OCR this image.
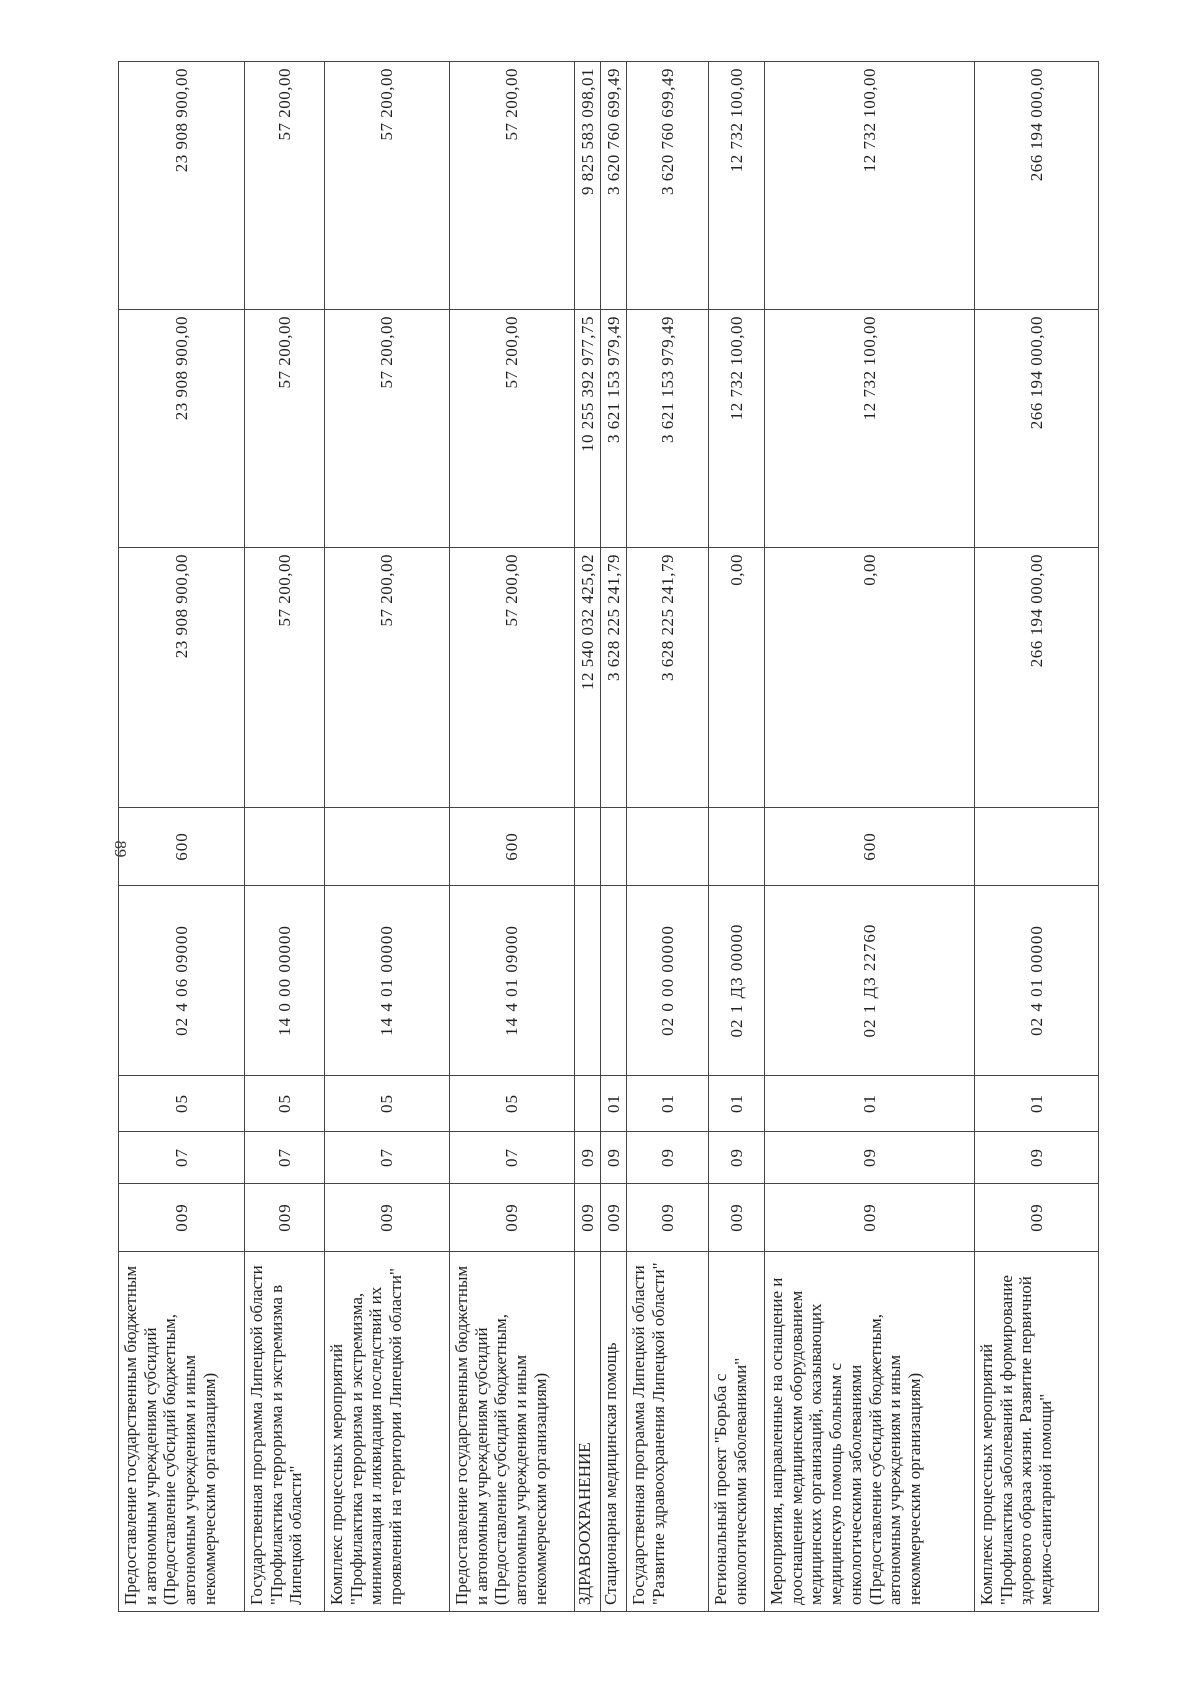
89
Предоставление государственным бюджетным и автономным учреждениям субсидий (Предоставление субсидий бюджетным, автономным учреждениям и иным некоммерческим организациям)	009	07	05	02 4 06 09000	600	23 908 900,00	23 908 900,00	23 908 900,00
Государственная программа Липецкой области "Профилактика терроризма и экстремизма в Липецкой области"	009	07	05	14 0 00 00000		57 200,00	57 200,00	57 200,00
Комплекс процессных мероприятий "Профилактика терроризма и экстремизма, минимизация и ликвидация последствий их проявлений на территории Липецкой области"	009	07	05	14 4 01 00000		57 200,00	57 200,00	57 200,00
Предоставление государственным бюджетным и автономным учреждениям субсидий (Предоставление субсидий бюджетным, автономным учреждениям и иным некоммерческим организациям)	009	07	05	14 4 01 09000	600	57 200,00	57 200,00	57 200,00
ЗДРАВООХРАНЕНИЕ	009	09				12 540 032 425,02	10 255 392 977,75	9 825 583 098,01
Стационарная медицинская помощь	009	09	01			3 628 225 241,79	3 621 153 979,49	3 620 760 699,49
Государственная программа Липецкой области "Развитие здравоохранения Липецкой области"	009	09	01	02 0 00 00000		3 628 225 241,79	3 621 153 979,49	3 620 760 699,49
Региональный проект "Борьба с онкологическими заболеваниями"	009	09	01	02 1 Д3 00000		0,00	12 732 100,00	12 732 100,00
Мероприятия, направленные на оснащение и дооснащение медицинским оборудованием медицинских организаций, оказывающих медицинскую помощь больным с онкологическими заболеваниями (Предоставление субсидий бюджетным, автономным учреждениям и иным некоммерческим организациям)	009	09	01	02 1 Д3 22760	600	0,00	12 732 100,00	12 732 100,00
Комплекс процессных мероприятий "Профилактика заболеваний и формирование здорового образа жизни. Развитие первичной медико-санитарной помощи"	009	09	01	02 4 01 00000		266 194 000,00	266 194 000,00	266 194 000,00
